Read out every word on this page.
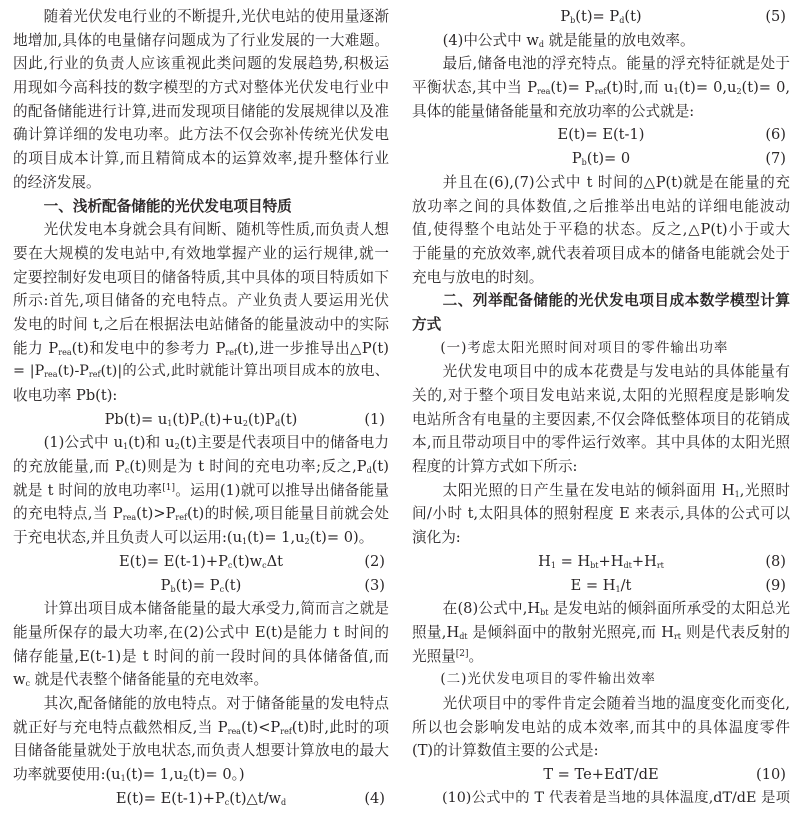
随着光伏发电行业的不断提升,光伏电站的使用量逐渐
地增加,具体的电量储存问题成为了行业发展的一大难题。
因此,行业的负责人应该重视此类问题的发展趋势,积极运
用现如今高科技的数字模型的方式对整体光伏发电行业中
的配备储能进行计算,进而发现项目储能的发展规律以及准
确计算详细的发电功率。此方法不仅会弥补传统光伏发电
的项目成本计算,而且精简成本的运算效率,提升整体行业
的经济发展。
一、浅析配备储能的光伏发电项目特质
光伏发电本身就会具有间断、随机等性质,而负责人想
要在大规模的发电站中,有效地掌握产业的运行规律,就一
定要控制好发电项目的储备特质,其中具体的项目特质如下
所示:首先,项目储备的充电特点。产业负责人要运用光伏
发电的时间 t,之后在根据法电站储备的能量波动中的实际
能力 $P_{rea}(t)$和发电中的参考力 $P_{ref}(t)$,进一步推导出△P(t)
= $|P_{rea}(t)-P_{ref}(t)|$的公式,此时就能计算出项目成本的放电、
收电功率 Pb(t):
$Pb(t)= u_1(t)P_c(t)+u_2(t)P_d(t)$	(1)
(1)公式中 $u_1(t)$和 $u_2(t)$主要是代表项目中的储备电力
的充放能量,而 $P_c(t)$则是为 t 时间的充电功率;反之$,P_d(t)$
就是 t 时间的放电功率[1]。运用(1)就可以推导出储备能量
的充电特点,当 $P_{rea}(t)>P_{ref}(t)$的时候,项目能量目前就会处
于充电状态,并且负责人可以运用$:(u_1(t)= 1,u_2(t)= 0)$。
$E(t)= E(t-1)+P_c(t)w_c\Delta t$	(2)
$P_b(t)= P_c(t)$	(3)
计算出项目成本储备能量的最大承受力,简而言之就是
能量所保存的最大功率,在(2)公式中 E(t)是能力 t 时间的
储存能量,E(t-1)是 t 时间的前一段时间的具体储备值,而
$w_c$ 就是代表整个储备能量的充电效率。
其次,配备储能的放电特点。对于储备能量的发电特点
就正好与充电特点截然相反,当 $P_{rea}(t)<P_{ref}(t)$时,此时的项
目储备能量就处于放电状态,而负责人想要计算放电的最大
功率就要使用$:(u_1(t)= 1,u_2(t)= 0$。)
$E(t)= E(t-1)+P_c(t)\triangle t/w_d$	(4)
$P_b(t)= P_d(t)$	(5)
(4)中公式中 $w_d$ 就是能量的放电效率。
最后,储备电池的浮充特点。能量的浮充特征就是处于
平衡状态,其中当 $P_{rea}(t)= P_{ref}(t)$时,而 $u_1(t)= 0,u_2(t)= 0$,
具体的能量储备能量和充放功率的公式就是:
E(t)= E(t-1)	(6)
$P_b(t)= 0$	(7)
并且在(6),(7)公式中 t 时间的△P(t)就是在能量的充
放功率之间的具体数值,之后推举出电站的详细电能波动
值,使得整个电站处于平稳的状态。反之,△P(t)小于或大
于能量的充放效率,就代表着项目成本的储备电能就会处于
充电与放电的时刻。
二、列举配备储能的光伏发电项目成本数学模型计算
方式
(一)考虑太阳光照时间对项目的零件输出功率
光伏发电项目中的成本花费是与发电站的具体能量有
关的,对于整个项目发电站来说,太阳的光照程度是影响发
电站所含有电量的主要因素,不仅会降低整体项目的花销成
本,而且带动项目中的零件运行效率。其中具体的太阳光照
程度的计算方式如下所示:
太阳光照的日产生量在发电站的倾斜面用 $H_1$,光照时
间/小时 t,太阳具体的照射程度 E 来表示,具体的公式可以
演化为:
$H_1 = H_{bt}+H_{dt}+H_{rt}$	(8)
$E = H_1/t$	(9)
在(8)公式中$,H_{bt}$ 是发电站的倾斜面所承受的太阳总光
照量$,H_{dt}$ 是倾斜面中的散射光照亮,而 $H_{rt}$ 则是代表反射的
光照量[2]。
(二)光伏发电项目的零件输出效率
光伏项目中的零件肯定会随着当地的温度变化而变化,
所以也会影响发电站的成本效率,而其中的具体温度零件
(T)的计算数值主要的公式是:
T = Te+EdT/dE	(10)
(10)公式中的 T 代表着是当地的具体温度,dT/dE 是项
